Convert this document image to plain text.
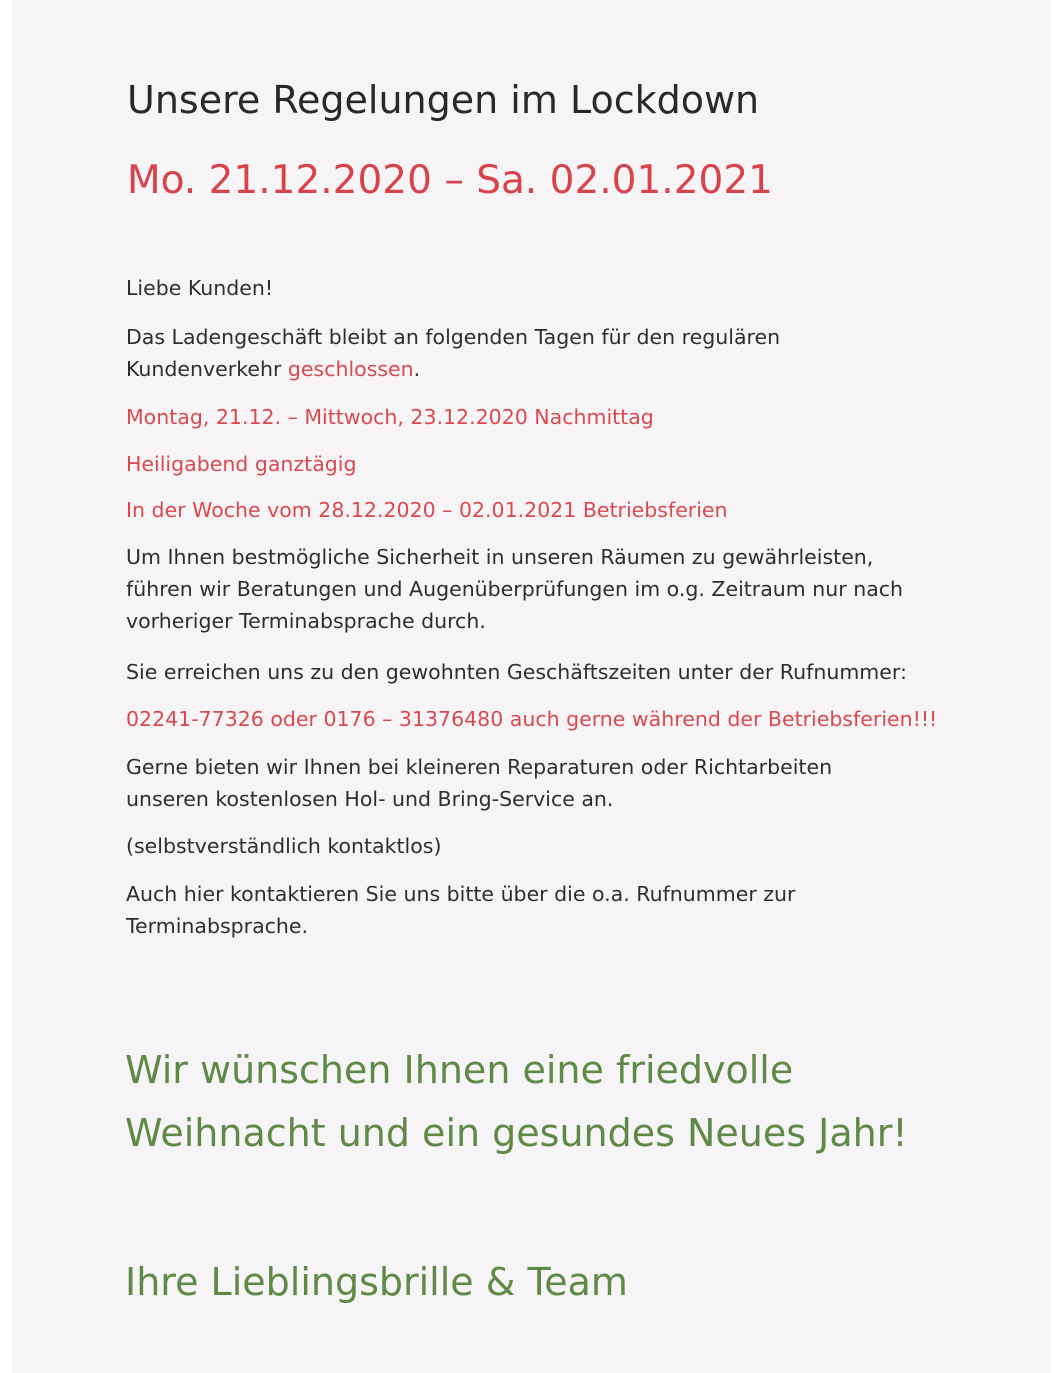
Unsere Regelungen im Lockdown
Mo. 21.12.2020 – Sa. 02.01.2021
Liebe Kunden!
Das Ladengeschäft bleibt an folgenden Tagen für den regulären
Kundenverkehr geschlossen.
Montag, 21.12. – Mittwoch, 23.12.2020 Nachmittag
Heiligabend ganztägig
In der Woche vom 28.12.2020 – 02.01.2021 Betriebsferien
Um Ihnen bestmögliche Sicherheit in unseren Räumen zu gewährleisten,
führen wir Beratungen und Augenüberprüfungen im o.g. Zeitraum nur nach
vorheriger Terminabsprache durch.
Sie erreichen uns zu den gewohnten Geschäftszeiten unter der Rufnummer:
02241-77326 oder 0176 – 31376480 auch gerne während der Betriebsferien!!!
Gerne bieten wir Ihnen bei kleineren Reparaturen oder Richtarbeiten
unseren kostenlosen Hol- und Bring-Service an.
(selbstverständlich kontaktlos)
Auch hier kontaktieren Sie uns bitte über die o.a. Rufnummer zur
Terminabsprache.
Wir wünschen Ihnen eine friedvolle
Weihnacht und ein gesundes Neues Jahr!
Ihre Lieblingsbrille & Team
